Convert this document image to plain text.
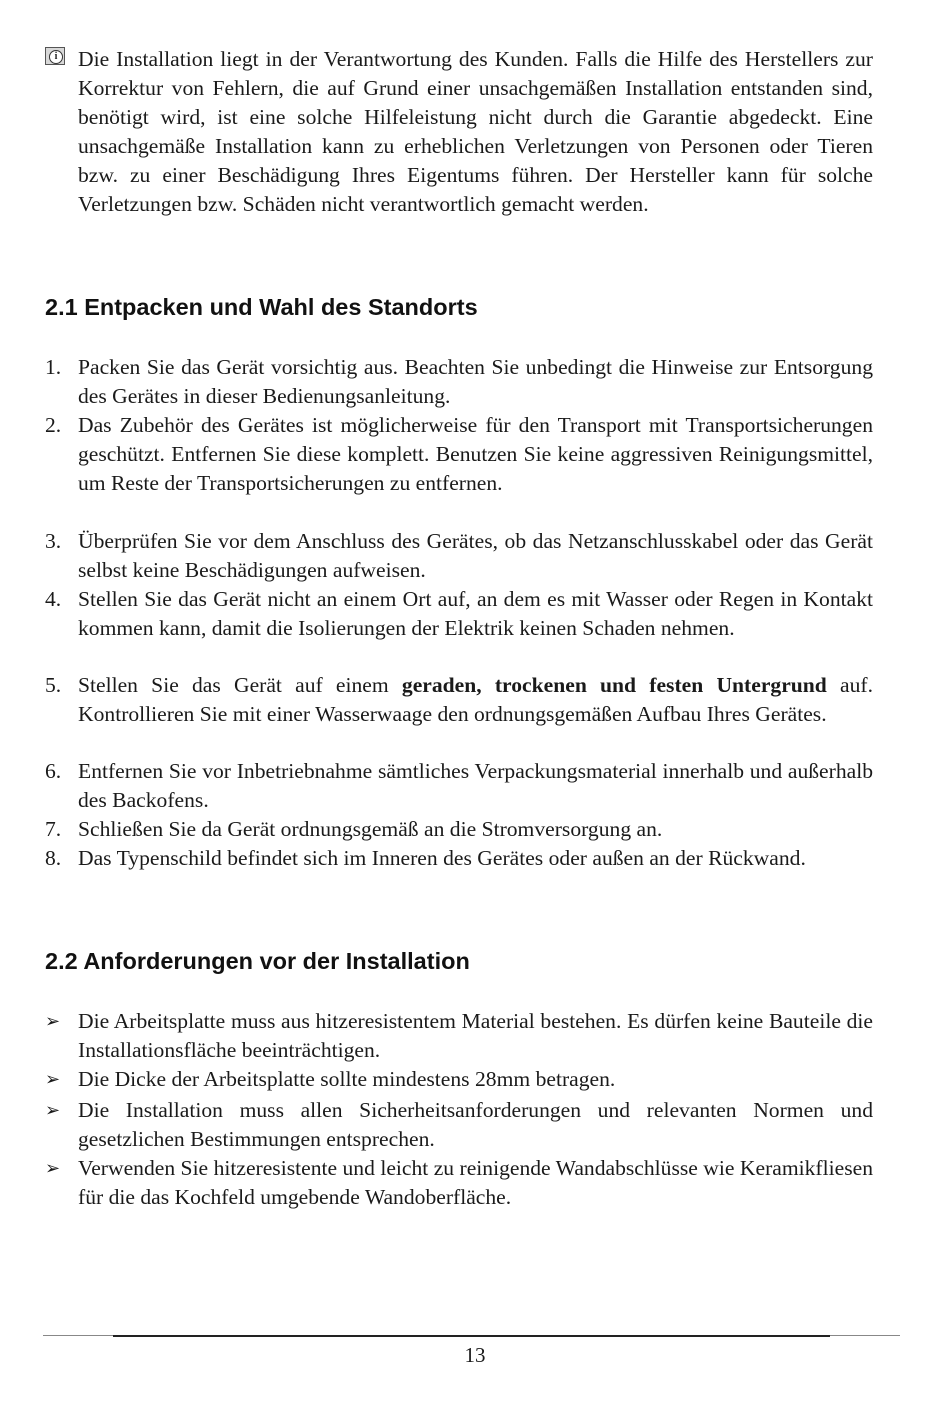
i Die Installation liegt in der Verantwortung des Kunden. Falls die Hilfe des Herstellers zur Korrektur von Fehlern, die auf Grund einer unsachgemäßen Installation entstanden sind, benötigt wird, ist eine solche Hilfeleistung nicht durch die Garantie abgedeckt. Eine unsachgemäße Installation kann zu erheblichen Verletzungen von Personen oder Tieren bzw. zu einer Beschädigung Ihres Eigentums führen. Der Hersteller kann für solche Verletzungen bzw. Schäden nicht verantwortlich gemacht werden.
2.1 Entpacken und Wahl des Standorts
1. Packen Sie das Gerät vorsichtig aus. Beachten Sie unbedingt die Hinweise zur Entsorgung des Gerätes in dieser Bedienungsanleitung.
2. Das Zubehör des Gerätes ist möglicherweise für den Transport mit Transportsicherungen geschützt. Entfernen Sie diese komplett. Benutzen Sie keine aggressiven Reinigungsmittel, um Reste der Transportsicherungen zu entfernen.
3. Überprüfen Sie vor dem Anschluss des Gerätes, ob das Netzanschlusskabel oder das Gerät selbst keine Beschädigungen aufweisen.
4. Stellen Sie das Gerät nicht an einem Ort auf, an dem es mit Wasser oder Regen in Kontakt kommen kann, damit die Isolierungen der Elektrik keinen Schaden nehmen.
5. Stellen Sie das Gerät auf einem geraden, trockenen und festen Untergrund auf. Kontrollieren Sie mit einer Wasserwaage den ordnungsgemäßen Aufbau Ihres Gerätes.
6. Entfernen Sie vor Inbetriebnahme sämtliches Verpackungsmaterial innerhalb und außerhalb des Backofens.
7. Schließen Sie da Gerät ordnungsgemäß an die Stromversorgung an.
8. Das Typenschild befindet sich im Inneren des Gerätes oder außen an der Rückwand.
2.2 Anforderungen vor der Installation
➢ Die Arbeitsplatte muss aus hitzeresistentem Material bestehen. Es dürfen keine Bauteile die Installationsfläche beeinträchtigen.
➢ Die Dicke der Arbeitsplatte sollte mindestens 28mm betragen.
➢ Die Installation muss allen Sicherheitsanforderungen und relevanten Normen und gesetzlichen Bestimmungen entsprechen.
➢ Verwenden Sie hitzeresistente und leicht zu reinigende Wandabschlüsse wie Keramikfliesen für die das Kochfeld umgebende Wandoberfläche.
13
